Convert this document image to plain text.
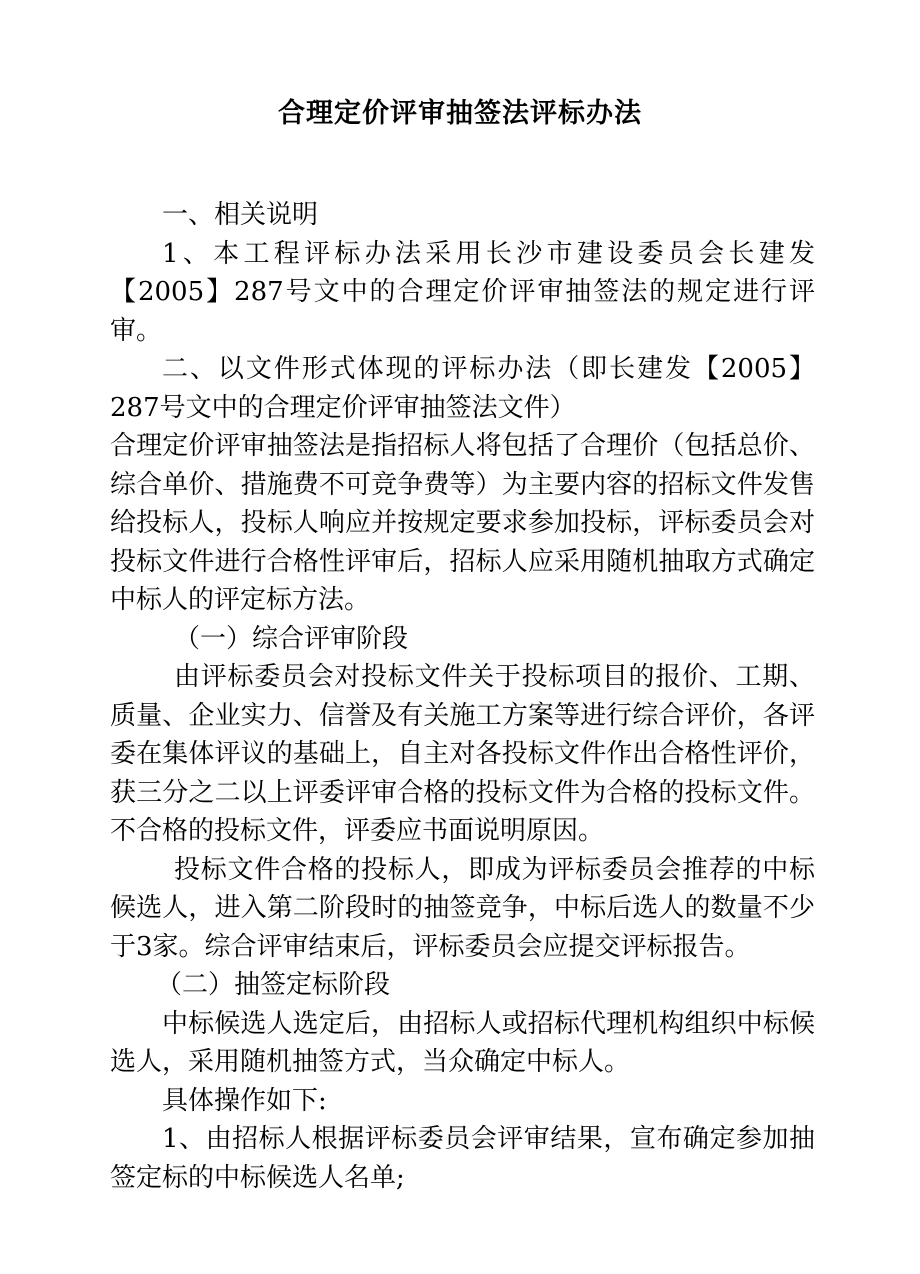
合理定价评审抽签法评标办法

一、相关说明

1、本工程评标办法采用长沙市建设委员会长建发【2005】287号文中的合理定价评审抽签法的规定进行评审。

二、以文件形式体现的评标办法（即长建发【2005】287号文中的合理定价评审抽签法文件）

合理定价评审抽签法是指招标人将包括了合理价（包括总价、综合单价、措施费不可竞争费等）为主要内容的招标文件发售给投标人，投标人响应并按规定要求参加投标，评标委员会对投标文件进行合格性评审后，招标人应采用随机抽取方式确定中标人的评定标方法。

（一）综合评审阶段

由评标委员会对投标文件关于投标项目的报价、工期、质量、企业实力、信誉及有关施工方案等进行综合评价，各评委在集体评议的基础上，自主对各投标文件作出合格性评价，获三分之二以上评委评审合格的投标文件为合格的投标文件。不合格的投标文件，评委应书面说明原因。

投标文件合格的投标人，即成为评标委员会推荐的中标候选人，进入第二阶段时的抽签竞争，中标后选人的数量不少于3家。综合评审结束后，评标委员会应提交评标报告。

（二）抽签定标阶段

中标候选人选定后，由招标人或招标代理机构组织中标候选人，采用随机抽签方式，当众确定中标人。

具体操作如下:

1、由招标人根据评标委员会评审结果，宣布确定参加抽签定标的中标候选人名单;
